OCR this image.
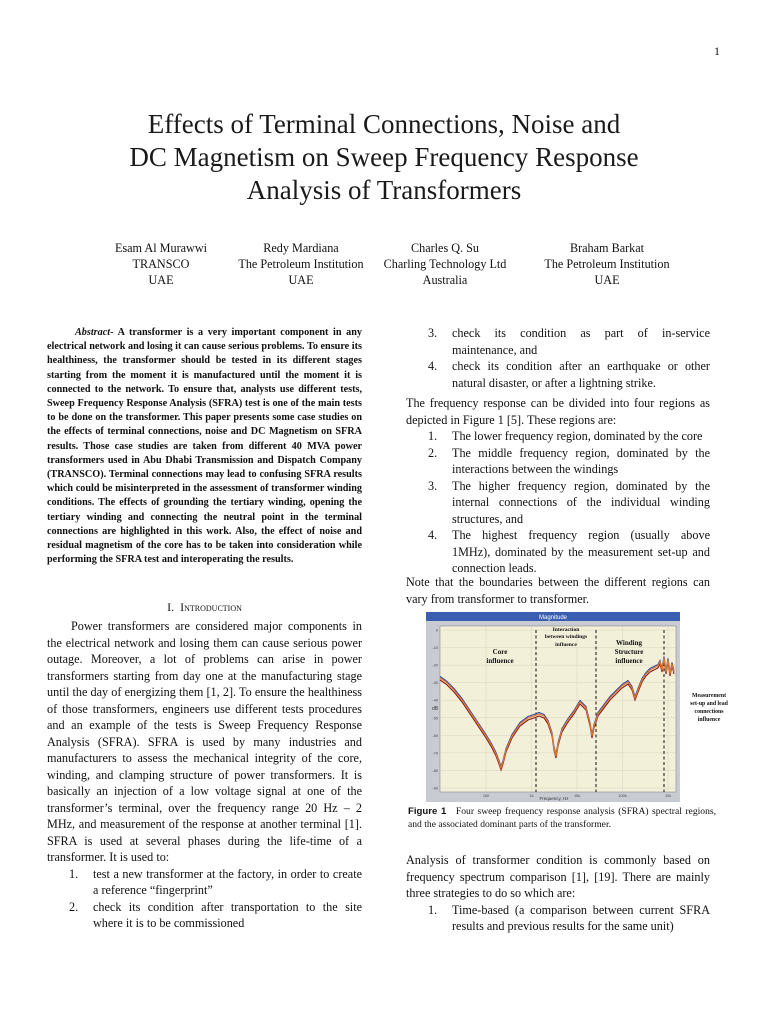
1
Effects of Terminal Connections, Noise and
DC Magnetism on Sweep Frequency Response
Analysis of Transformers
Esam Al Murawwi
TRANSCO
UAE
Redy Mardiana
The Petroleum Institution
UAE
Charles Q. Su
Charling Technology Ltd
Australia
Braham Barkat
The Petroleum Institution
UAE
Abstract- A transformer is a very important component in any electrical network and losing it can cause serious problems. To ensure its healthiness, the transformer should be tested in its different stages starting from the moment it is manufactured until the moment it is connected to the network. To ensure that, analysts use different tests, Sweep Frequency Response Analysis (SFRA) test is one of the main tests to be done on the transformer. This paper presents some case studies on the effects of terminal connections, noise and DC Magnetism on SFRA results. Those case studies are taken from different 40 MVA power transformers used in Abu Dhabi Transmission and Dispatch Company (TRANSCO). Terminal connections may lead to confusing SFRA results which could be misinterpreted in the assessment of transformer winding conditions. The effects of grounding the tertiary winding, opening the tertiary winding and connecting the neutral point in the terminal connections are highlighted in this work. Also, the effect of noise and residual magnetism of the core has to be taken into consideration while performing the SFRA test and interoperating the results.
I. Introduction
Power transformers are considered major components in the electrical network and losing them can cause serious power outage. Moreover, a lot of problems can arise in power transformers starting from day one at the manufacturing stage until the day of energizing them [1, 2]. To ensure the healthiness of those transformers, engineers use different tests procedures and an example of the tests is Sweep Frequency Response Analysis (SFRA). SFRA is used by many industries and manufacturers to assess the mechanical integrity of the core, winding, and clamping structure of power transformers. It is basically an injection of a low voltage signal at one of the transformer’s terminal, over the frequency range 20 Hz – 2 MHz, and measurement of the response at another terminal [1]. SFRA is used at several phases during the life-time of a transformer. It is used to:
1. test a new transformer at the factory, in order to create a reference “fingerprint”
2. check its condition after transportation to the site where it is to be commissioned
3. check its condition as part of in-service maintenance, and
4. check its condition after an earthquake or other natural disaster, or after a lightning strike.
The frequency response can be divided into four regions as depicted in Figure 1 [5]. These regions are:
1. The lower frequency region, dominated by the core
2. The middle frequency region, dominated by the interactions between the windings
3. The higher frequency region, dominated by the internal connections of the individual winding structures, and
4. The highest frequency region (usually above 1MHz), dominated by the measurement set-up and connection leads.
Note that the boundaries between the different regions can vary from transformer to transformer.
Magnitude
0
-10
-20
-30
-40
-50
-60
-70
-80
-90
100	1k	10k	100k	1M
dB
Frequency, Hz
Core
influence
Interaction
between windings
influence	Winding
Structure
influence
Measurement
set-up and lead
connections
influence
Figure 1 Four sweep frequency response analysis (SFRA) spectral regions, and the associated dominant parts of the transformer.
Analysis of transformer condition is commonly based on frequency spectrum comparison [1], [19]. There are mainly three strategies to do so which are:
1. Time-based (a comparison between current SFRA results and previous results for the same unit)
